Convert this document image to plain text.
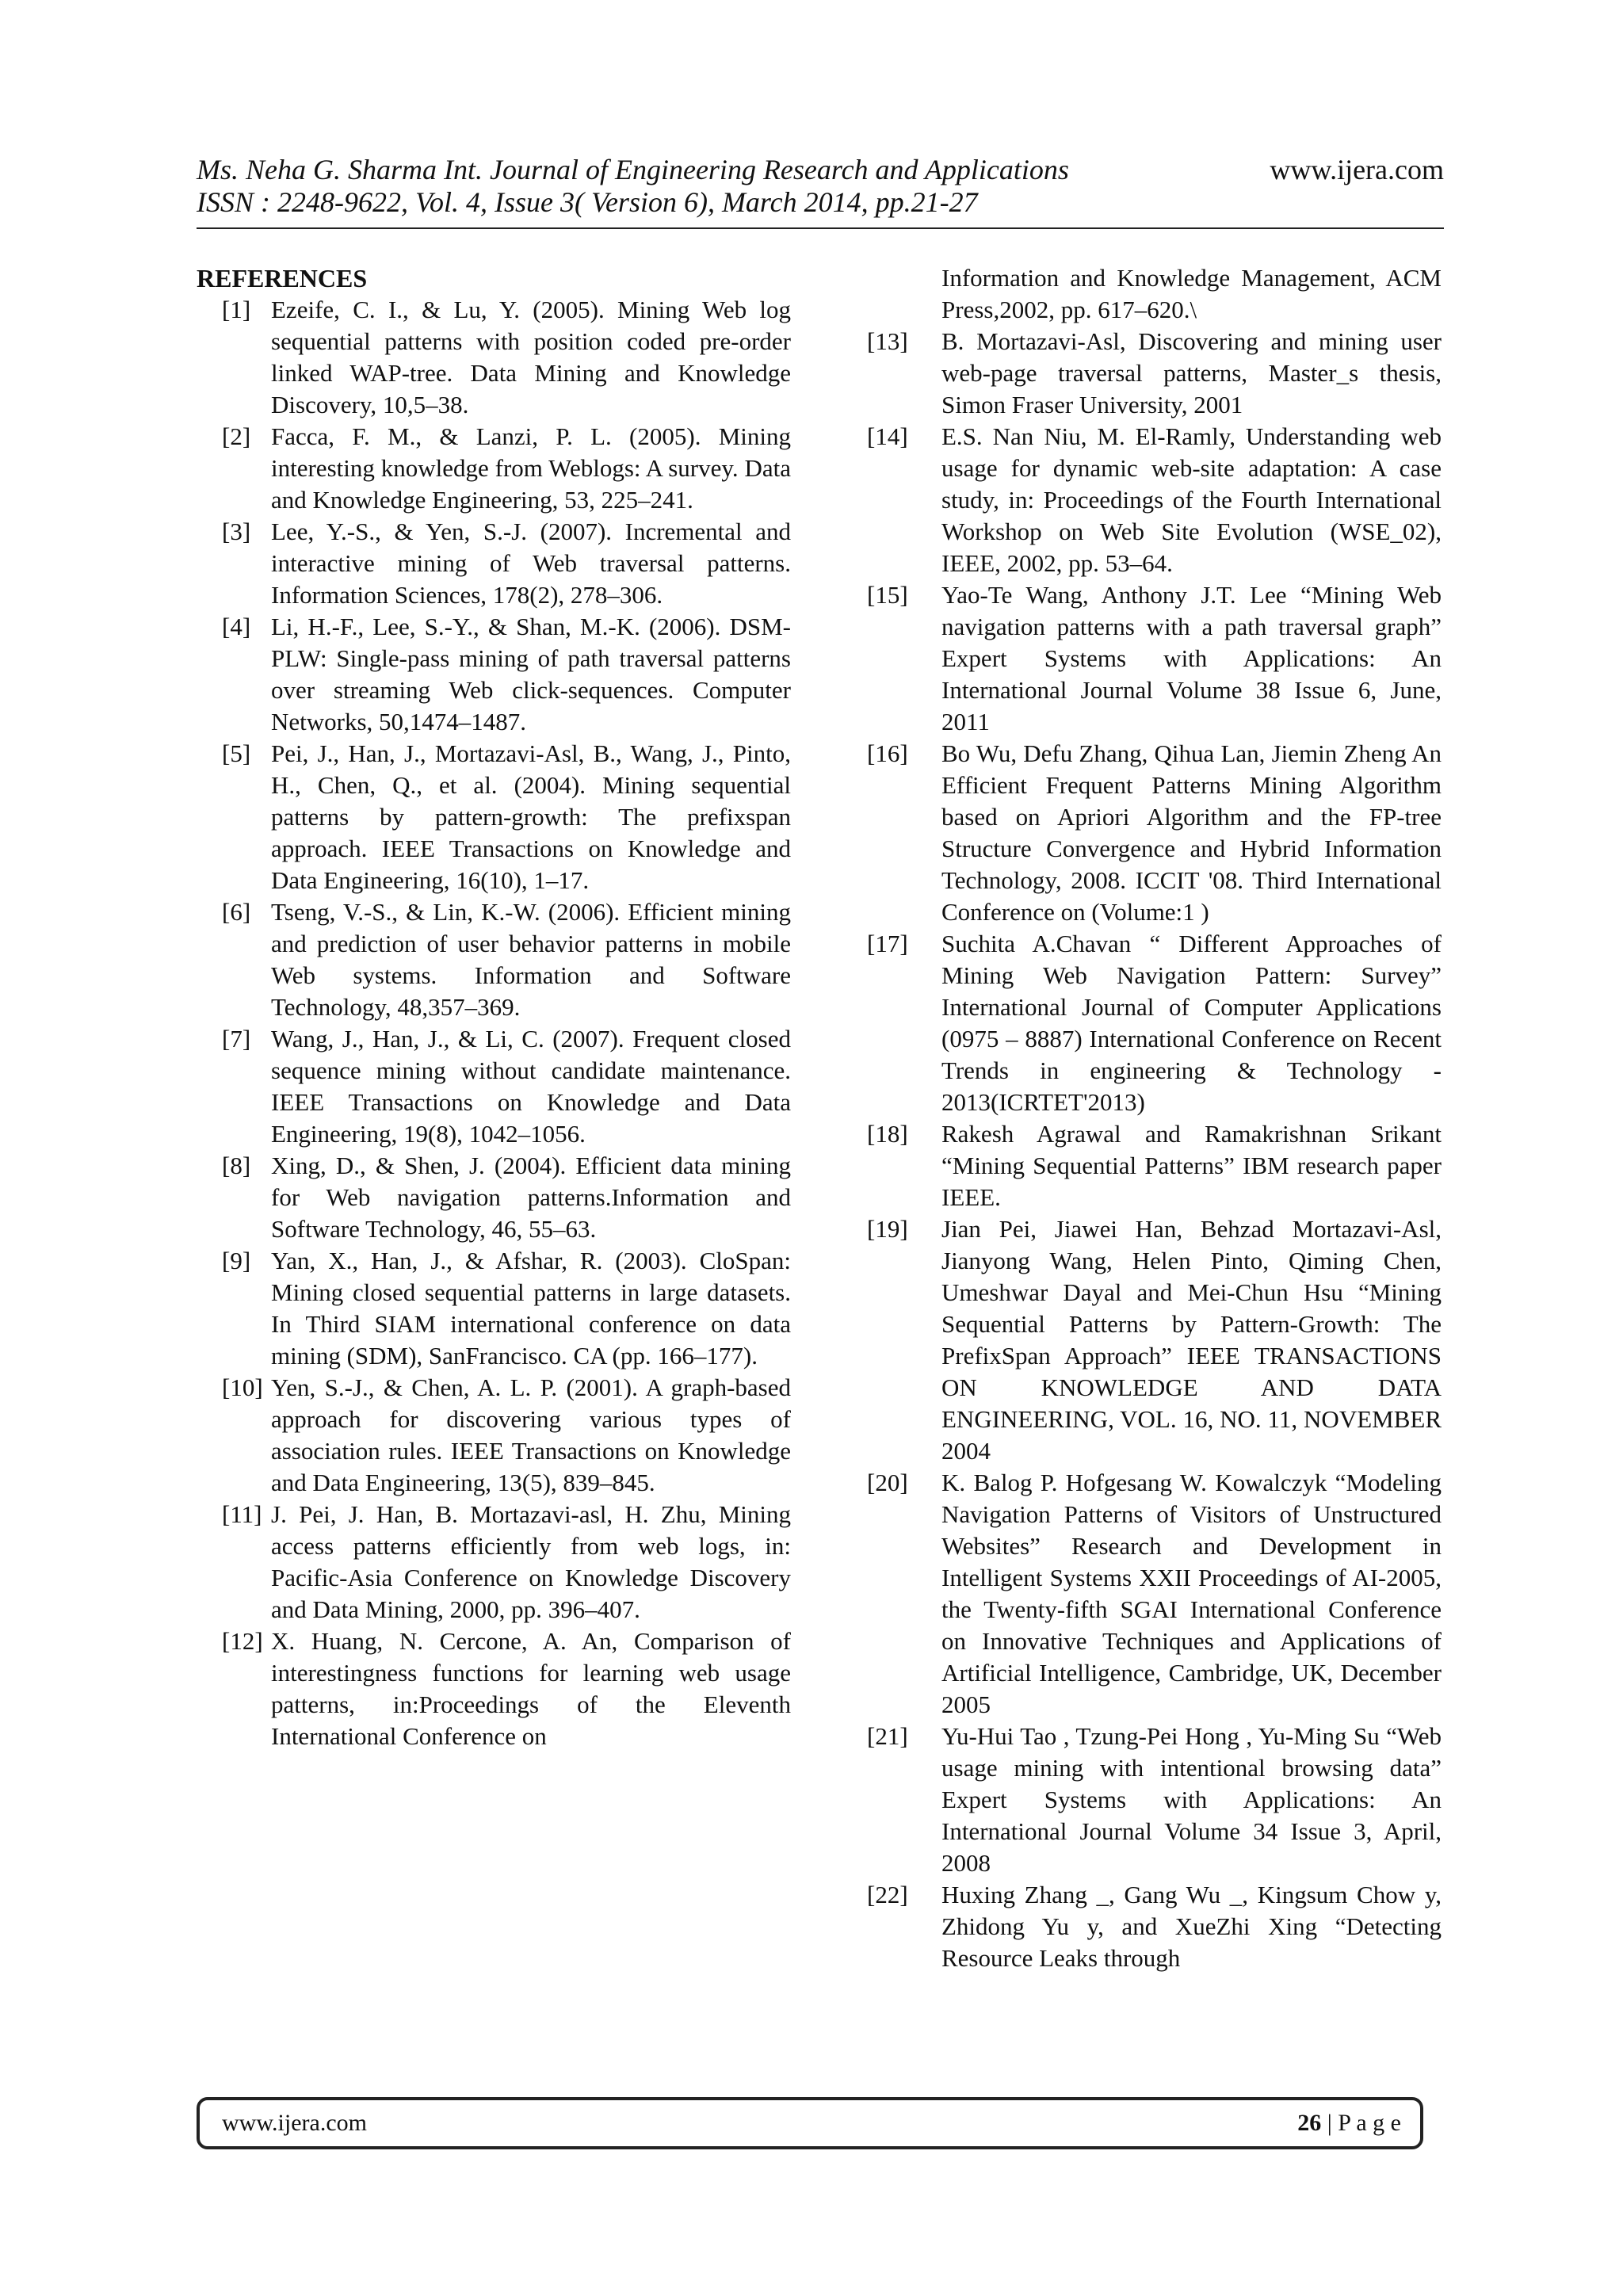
Ms. Neha G. Sharma Int. Journal of Engineering Research and Applications	www.ijera.com
ISSN : 2248-9622, Vol. 4, Issue 3( Version 6), March 2014, pp.21-27
REFERENCES
[1] Ezeife, C. I., & Lu, Y. (2005). Mining Web log sequential patterns with position coded pre-order linked WAP-tree. Data Mining and Knowledge Discovery, 10,5–38.
[2] Facca, F. M., & Lanzi, P. L. (2005). Mining interesting knowledge from Weblogs: A survey. Data and Knowledge Engineering, 53, 225–241.
[3] Lee, Y.-S., & Yen, S.-J. (2007). Incremental and interactive mining of Web traversal patterns. Information Sciences, 178(2), 278–306.
[4] Li, H.-F., Lee, S.-Y., & Shan, M.-K. (2006). DSM-PLW: Single-pass mining of path traversal patterns over streaming Web click-sequences. Computer Networks, 50,1474–1487.
[5] Pei, J., Han, J., Mortazavi-Asl, B., Wang, J., Pinto, H., Chen, Q., et al. (2004). Mining sequential patterns by pattern-growth: The prefixspan approach. IEEE Transactions on Knowledge and Data Engineering, 16(10), 1–17.
[6] Tseng, V.-S., & Lin, K.-W. (2006). Efficient mining and prediction of user behavior patterns in mobile Web systems. Information and Software Technology, 48,357–369.
[7] Wang, J., Han, J., & Li, C. (2007). Frequent closed sequence mining without candidate maintenance. IEEE Transactions on Knowledge and Data Engineering, 19(8), 1042–1056.
[8] Xing, D., & Shen, J. (2004). Efficient data mining for Web navigation patterns.Information and Software Technology, 46, 55–63.
[9] Yan, X., Han, J., & Afshar, R. (2003). CloSpan: Mining closed sequential patterns in large datasets. In Third SIAM international conference on data mining (SDM), SanFrancisco. CA (pp. 166–177).
[10] Yen, S.-J., & Chen, A. L. P. (2001). A graph-based approach for discovering various types of association rules. IEEE Transactions on Knowledge and Data Engineering, 13(5), 839–845.
[11] J. Pei, J. Han, B. Mortazavi-asl, H. Zhu, Mining access patterns efficiently from web logs, in: Pacific-Asia Conference on Knowledge Discovery and Data Mining, 2000, pp. 396–407.
[12] X. Huang, N. Cercone, A. An, Comparison of interestingness functions for learning web usage patterns, in:Proceedings of the Eleventh International Conference on
Information and Knowledge Management, ACM Press,2002, pp. 617–620.\
[13]	B. Mortazavi-Asl, Discovering and mining user web-page traversal patterns, Master_s thesis, Simon Fraser University, 2001
[14]	E.S. Nan Niu, M. El-Ramly, Understanding web usage for dynamic web-site adaptation: A case study, in: Proceedings of the Fourth International Workshop on Web Site Evolution (WSE_02), IEEE, 2002, pp. 53–64.
[15]	Yao-Te Wang, Anthony J.T. Lee “Mining Web navigation patterns with a path traversal graph” Expert Systems with Applications: An International Journal Volume 38 Issue 6, June, 2011
[16]	Bo Wu, Defu Zhang, Qihua Lan, Jiemin Zheng An Efficient Frequent Patterns Mining Algorithm based on Apriori Algorithm and the FP-tree Structure Convergence and Hybrid Information Technology, 2008. ICCIT '08. Third International Conference on (Volume:1 )
[17]	Suchita A.Chavan “ Different Approaches of Mining Web Navigation Pattern: Survey” International Journal of Computer Applications (0975 – 8887) International Conference on Recent Trends in engineering & Technology - 2013(ICRTET'2013)
[18]	Rakesh Agrawal and Ramakrishnan Srikant “Mining Sequential Patterns” IBM research paper IEEE.
[19]	Jian Pei, Jiawei Han, Behzad Mortazavi-Asl, Jianyong Wang, Helen Pinto, Qiming Chen, Umeshwar Dayal and Mei-Chun Hsu “Mining Sequential Patterns by Pattern-Growth: The PrefixSpan Approach” IEEE TRANSACTIONS ON KNOWLEDGE AND DATA ENGINEERING, VOL. 16, NO. 11, NOVEMBER 2004
[20]	K. Balog P. Hofgesang W. Kowalczyk “Modeling Navigation Patterns of Visitors of Unstructured Websites” Research and Development in Intelligent Systems XXII Proceedings of AI-2005, the Twenty-fifth SGAI International Conference on Innovative Techniques and Applications of Artificial Intelligence, Cambridge, UK, December 2005
[21]	Yu-Hui Tao , Tzung-Pei Hong , Yu-Ming Su “Web usage mining with intentional browsing data” Expert Systems with Applications: An International Journal Volume 34 Issue 3, April, 2008
[22]	Huxing Zhang _, Gang Wu _, Kingsum Chow y, Zhidong Yu y, and XueZhi Xing “Detecting Resource Leaks through
www.ijera.com	26 | P a g e
